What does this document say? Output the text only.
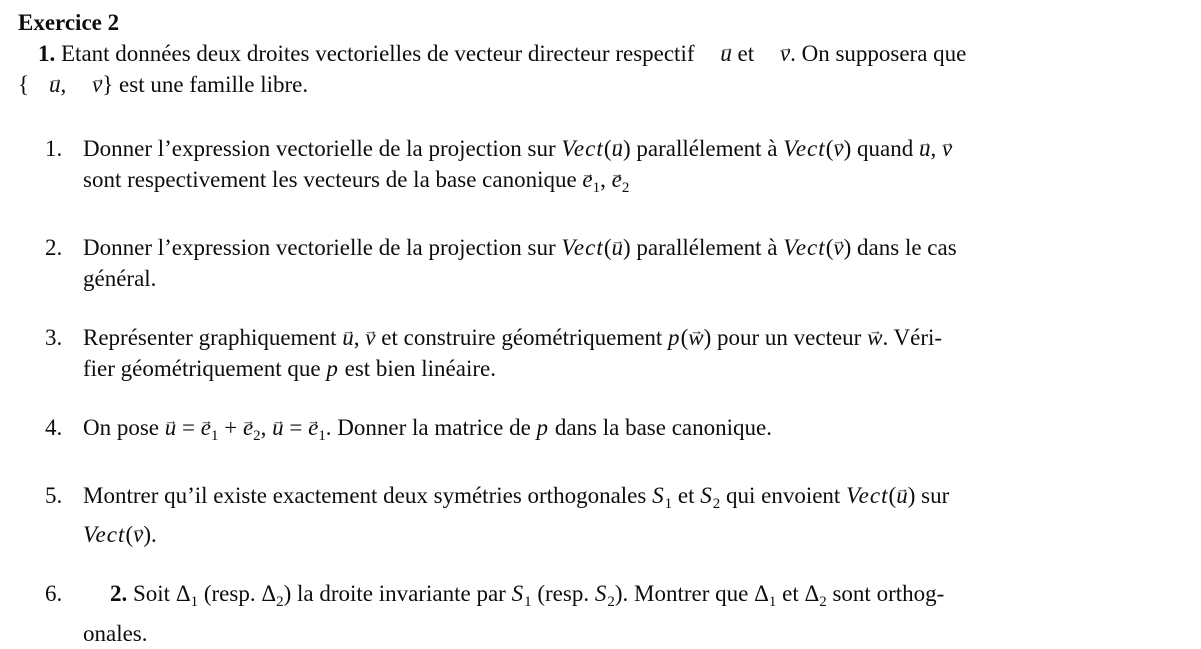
Exercice 2

1. Etant données deux droites vectorielles de vecteur directeur respectif u → et v →. On supposera que
{ u →, v →} est une famille libre.

1. Donner l’expression vectorielle de la projection sur Vect(u →) parallélement à Vect(v →) quand u →, v →
sont respectivement les vecteurs de la base canonique $e \to_1$, $e \to_2$
2. Donner l’expression vectorielle de la projection sur Vect(u →) parallélement à Vect(v →) dans le cas
général.
3. Représenter graphiquement u →, v → et construire géométriquement p(w →) pour un vecteur w →. Véri-
fier géométriquement que p est bien linéaire.
4. On pose u → = $e \to_1 + e \to_2$, u → = $e \to_1$. Donner la matrice de p dans la base canonique.
5. Montrer qu’il existe exactement deux symétries orthogonales $S_1$ et $S_2$ qui envoient Vect(u →) sur
Vect(v →).
6.	2. Soit $\Delta_1$ (resp. $\Delta_2$) la droite invariante par $S_1$ (resp. $S_2$). Montrer que $\Delta_1$ et $\Delta_2$ sont orthog-
onales.
